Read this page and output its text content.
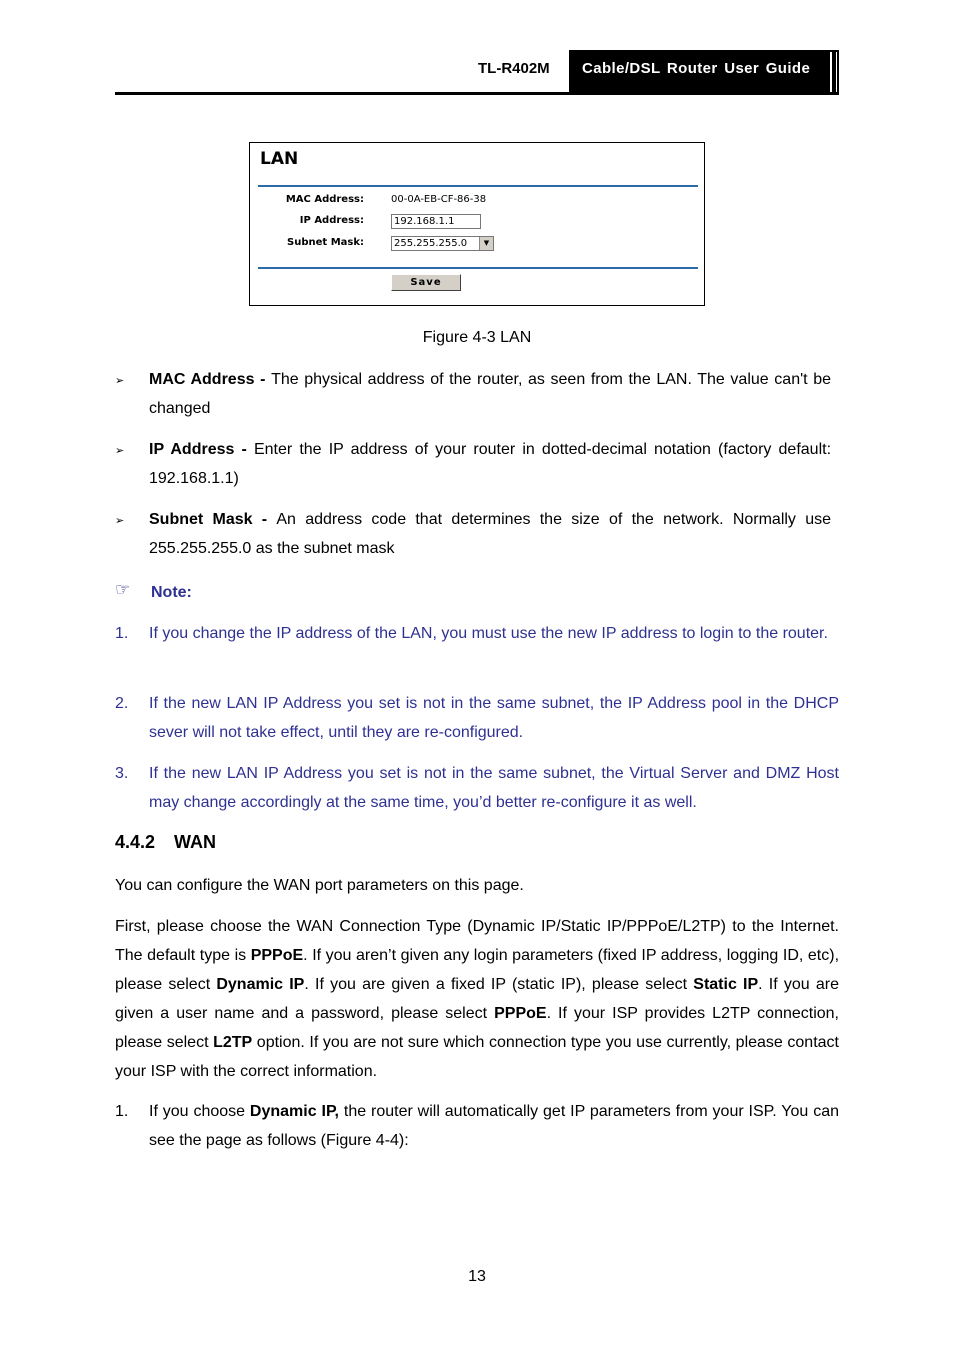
TL-R402M Cable/DSL Router User Guide
LAN
MAC Address:	00-0A-EB-CF-86-38
IP Address:	192.168.1.1
Subnet Mask:	255.255.255.0	▼
Save
Figure 4-3 LAN
➢ MAC Address - The physical address of the router, as seen from the LAN. The value can't be changed
➢ IP Address - Enter the IP address of your router in dotted-decimal notation (factory default: 192.168.1.1)
➢ Subnet Mask - An address code that determines the size of the network. Normally use 255.255.255.0 as the subnet mask
☞ Note:
1. If you change the IP address of the LAN, you must use the new IP address to login to the router.
2. If the new LAN IP Address you set is not in the same subnet, the IP Address pool in the DHCP sever will not take effect, until they are re-configured.
3. If the new LAN IP Address you set is not in the same subnet, the Virtual Server and DMZ Host may change accordingly at the same time, you’d better re-configure it as well.
4.4.2 WAN
You can configure the WAN port parameters on this page.
First, please choose the WAN Connection Type (Dynamic IP/Static IP/PPPoE/L2TP) to the Internet. The default type is PPPoE. If you aren’t given any login parameters (fixed IP address, logging ID, etc), please select Dynamic IP. If you are given a fixed IP (static IP), please select Static IP. If you are given a user name and a password, please select PPPoE. If your ISP provides L2TP connection, please select L2TP option. If you are not sure which connection type you use currently, please contact your ISP with the correct information.
1. If you choose Dynamic IP, the router will automatically get IP parameters from your ISP. You can see the page as follows (Figure 4-4):
13
